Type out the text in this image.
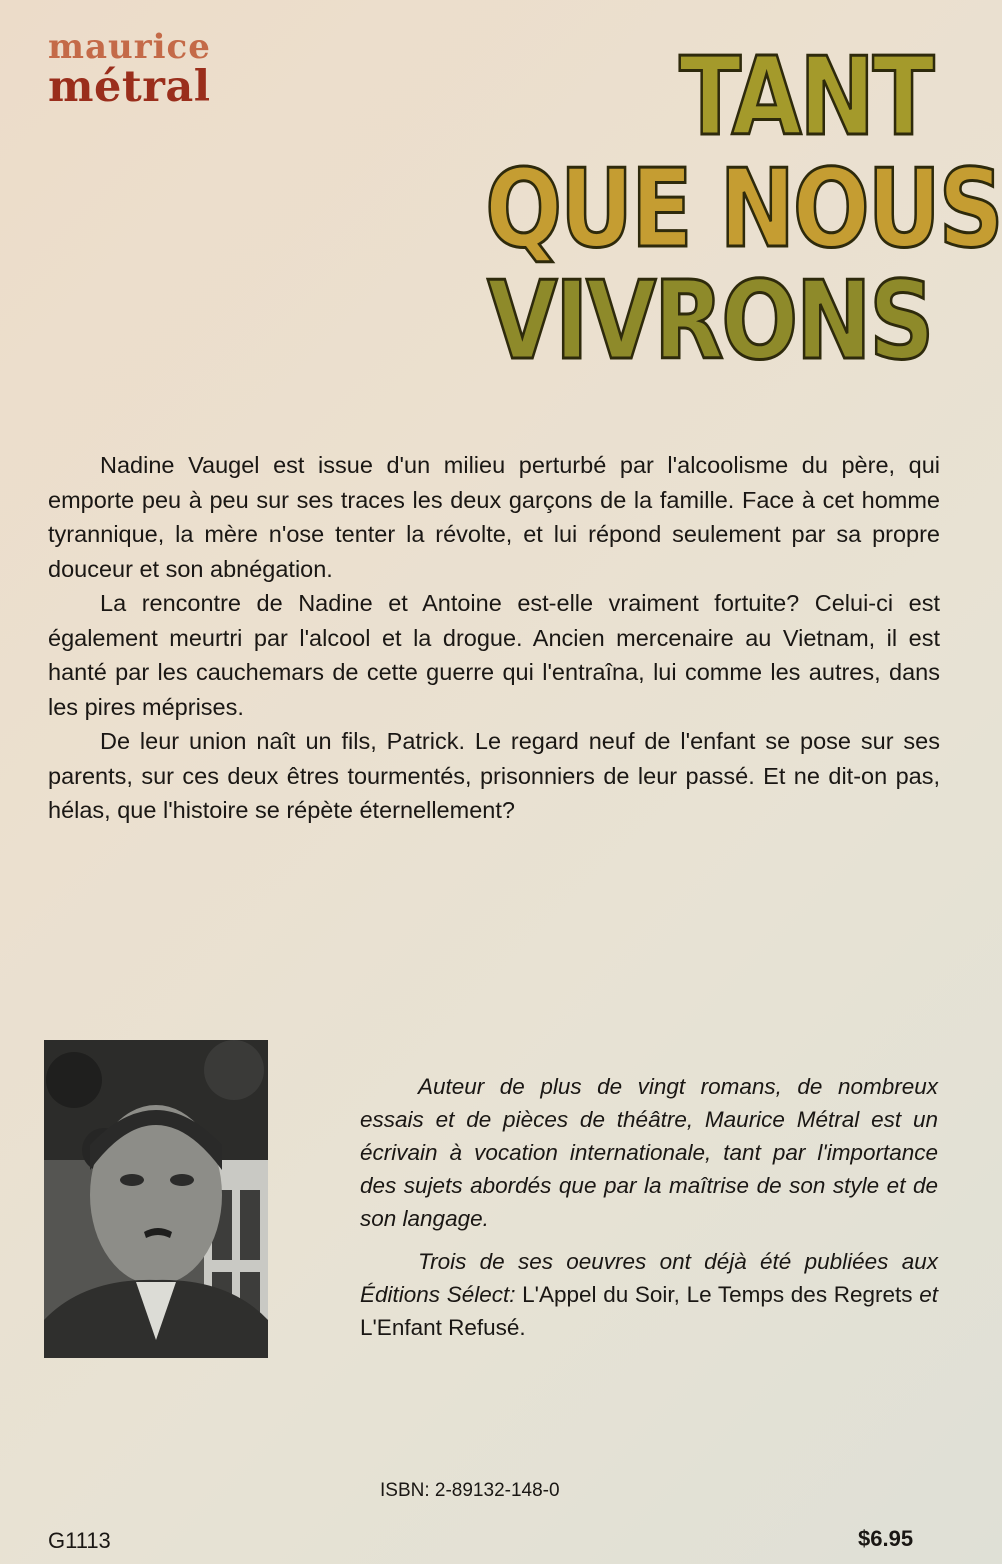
maurice
métral	TANT
QUE NOUS
VIVRONS

Nadine Vaugel est issue d'un milieu perturbé par l'alcoolisme du père, qui emporte peu à peu sur ses traces les deux garçons de la famille. Face à cet homme tyrannique, la mère n'ose tenter la révolte, et lui répond seulement par sa propre douceur et son abnégation.

La rencontre de Nadine et Antoine est-elle vraiment fortuite? Celui-ci est également meurtri par l'alcool et la drogue. Ancien mercenaire au Vietnam, il est hanté par les cauchemars de cette guerre qui l'entraîna, lui comme les autres, dans les pires méprises.

De leur union naît un fils, Patrick. Le regard neuf de l'enfant se pose sur ses parents, sur ces deux êtres tourmentés, prisonniers de leur passé. Et ne dit-on pas, hélas, que l'histoire se répète éternellement?

Auteur de plus de vingt romans, de nombreux essais et de pièces de théâtre, Maurice Métral est un écrivain à vocation internationale, tant par l'importance des sujets abordés que par la maîtrise de son style et de son langage.

Trois de ses oeuvres ont déjà été publiées aux Éditions Sélect: L'Appel du Soir, Le Temps des Regrets et L'Enfant Refusé.

ISBN: 2-89132-148-0
G1113	$6.95
